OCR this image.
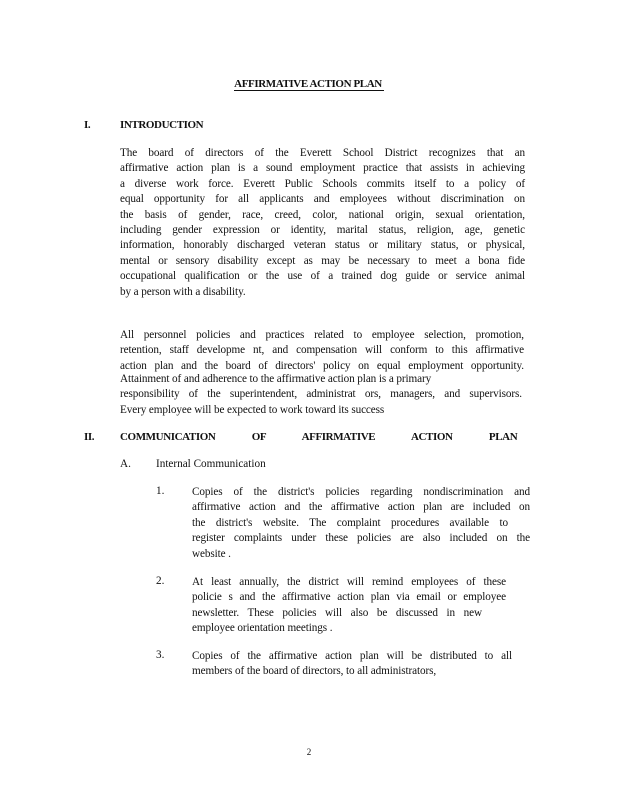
AFFIRMATIVE ACTION PLAN
I.	INTRODUCTION
The board of directors of the Everett School District recognizes that an
affirmative action plan is a sound employment practice that assists in achieving
a diverse work force. Everett Public Schools commits itself to a policy of
equal opportunity for all applicants and employees without discrimination on
the basis of gender, race, creed, color, national origin, sexual orientation,
including gender expression or identity, marital status, religion, age, genetic
information, honorably discharged veteran status or military status, or physical,
mental or sensory disability except as may be necessary to meet a bona fide
occupational qualification or the use of a trained dog guide or service animal
by a person with a disability.
All personnel policies and practices related to employee selection, promotion,
retention, staff developme nt, and compensation will conform to this affirmative
action plan and the board of directors' policy on equal employment opportunity.
Attainment of and adherence to the affirmative action plan is a primary
responsibility of the superintendent, administrat ors, managers, and supervisors.
Every employee will be expected to work toward its success
II. COMMUNICATION OF AFFIRMATIVE ACTION PLAN
A. Internal Communication
1. Copies of the district's policies regarding nondiscrimination and
affirmative action and the affirmative action plan are included on
the district's website. The complaint procedures available to
register complaints under these policies are also included on the
website .
2. At least annually, the district will remind employees of these
policie s and the affirmative action plan via email or employee
newsletter. These policies will also be discussed in new
employee orientation meetings .
3. Copies of the affirmative action plan will be distributed to all
members of the board of directors, to all administrators,
2
